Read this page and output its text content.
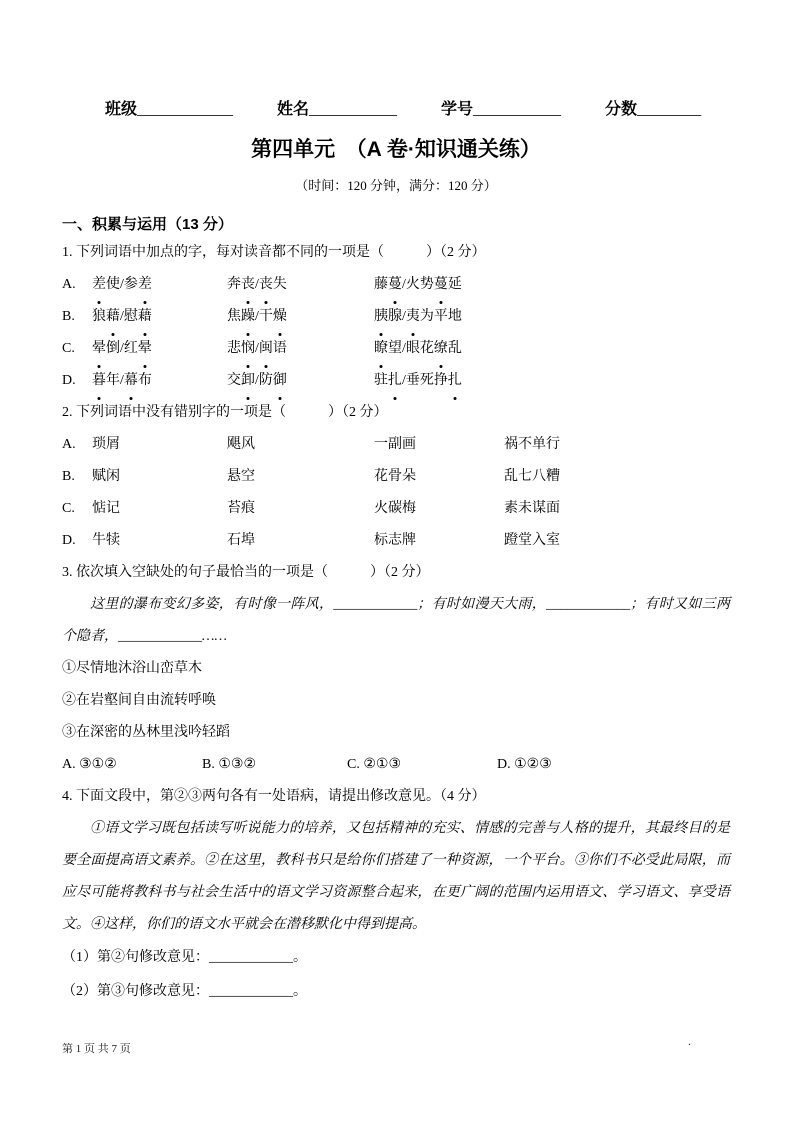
班级____________	姓名___________	学号___________	分数________
第四单元　（A 卷·知识通关练）
（时间：120 分钟，满分：120 分）
一、积累与运用（13 分）
1. 下列词语中加点的字，每对读音都不同的一项是（　　　）（2 分）
A.	差使/参差	奔丧/丧失	藤蔓/火势蔓延
B.	狼藉/慰藉	焦躁/干燥	胰腺/夷为平地
C.	晕倒/红晕	悲悯/闽语	瞭望/眼花缭乱
D.	暮年/幕布	交卸/防御	驻扎/垂死挣扎
2. 下列词语中没有错别字的一项是（　　　）（2 分）
A.	琐屑	飓风	一副画	祸不单行
B.	赋闲	悬空	花骨朵	乱七八糟
C.	惦记	苔痕	火碳梅	素未谋面
D.	牛犊	石埠	标志牌	蹬堂入室
3. 依次填入空缺处的句子最恰当的一项是（　　　）（2 分）
这里的瀑布变幻多姿，有时像一阵风，____________；有时如漫天大雨，____________；有时又如三两个隐者，____________……
①尽情地沐浴山峦草木
②在岩壑间自由流转呼唤
③在深密的丛林里浅吟轻蹈
A. ③①②	B. ①③②	C. ②①③	D. ①②③
4. 下面文段中，第②③两句各有一处语病，请提出修改意见。（4 分）
①语文学习既包括读写听说能力的培养，又包括精神的充实、情感的完善与人格的提升，其最终目的是要全面提高语文素养。②在这里，教科书只是给你们搭建了一种资源，一个平台。③你们不必受此局限，而应尽可能将教科书与社会生活中的语文学习资源整合起来，在更广阔的范围内运用语文、学习语文、享受语文。④这样，你们的语文水平就会在潜移默化中得到提高。
（1）第②句修改意见：____________。
（2）第③句修改意见：____________。
第 1 页 共 7 页
.
